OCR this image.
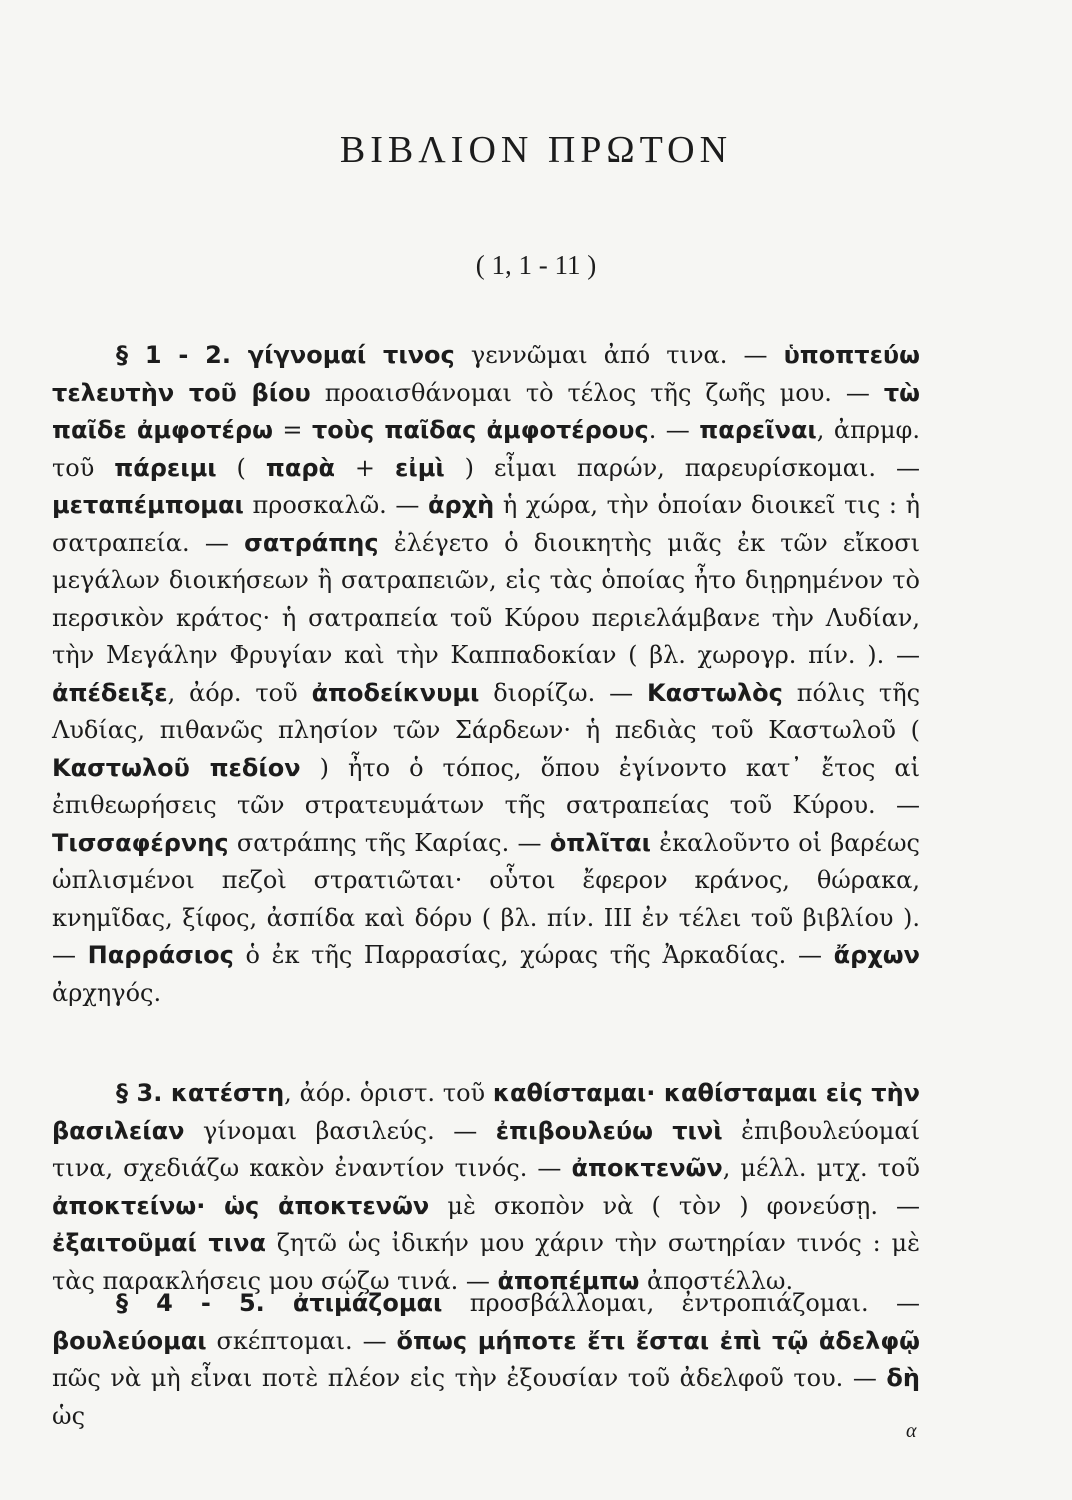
ΒΙΒΛΙΟΝ ΠΡΩΤΟΝ
( 1, 1 - 11 )

§ 1 - 2. γίγνομαί τινος γεννῶμαι ἀπό τινα. — ὑποπτεύω τελευτὴν τοῦ βίου προαισθάνομαι τὸ τέλος τῆς ζωῆς μου. — τὼ παῖδε ἀμφοτέρω = τοὺς παῖδας ἀμφοτέρους. — παρεῖναι, ἀπρμφ. τοῦ πάρειμι ( παρὰ + εἰμὶ ) εἶμαι παρών, παρευρίσκομαι. — μεταπέμπομαι προσκαλῶ. — ἀρχὴ ἡ χώρα, τὴν ὁποίαν διοικεῖ τις : ἡ σατραπεία. — σατράπης ἐλέγετο ὁ διοικητὴς μιᾶς ἐκ τῶν εἴκοσι μεγάλων διοικήσεων ἢ σατραπειῶν, εἰς τὰς ὁποίας ἦτο διῃρημένον τὸ περσικὸν κράτος· ἡ σατραπεία τοῦ Κύρου περιελάμβανε τὴν Λυδίαν, τὴν Μεγάλην Φρυγίαν καὶ τὴν Καππαδοκίαν ( βλ. χωρογρ. πίν. ). — ἀπέδειξε, ἀόρ. τοῦ ἀποδείκνυμι διορίζω. — Καστωλὸς πόλις τῆς Λυδίας, πιθανῶς πλησίον τῶν Σάρδεων· ἡ πεδιὰς τοῦ Καστωλοῦ ( Καστωλοῦ πεδίον ) ἦτο ὁ τόπος, ὅπου ἐγίνοντο κατ᾽ ἔτος αἱ ἐπιθεωρήσεις τῶν στρατευμάτων τῆς σατραπείας τοῦ Κύρου. — Τισσαφέρνης σατράπης τῆς Καρίας. — ὁπλῖται ἐκαλοῦντο οἱ βαρέως ὡπλισμένοι πεζοὶ στρατιῶται· οὗτοι ἔφερον κράνος, θώρακα, κνημῖδας, ξίφος, ἀσπίδα καὶ δόρυ ( βλ. πίν. III ἐν τέλει τοῦ βιβλίου ). — Παρράσιος ὁ ἐκ τῆς Παρρασίας, χώρας τῆς Ἀρκαδίας. — ἄρχων ἀρχηγός.

§ 3. κατέστη, ἀόρ. ὁριστ. τοῦ καθίσταμαι· καθίσταμαι εἰς τὴν βασιλείαν γίνομαι βασιλεύς. — ἐπιβουλεύω τινὶ ἐπιβουλεύομαί τινα, σχεδιάζω κακὸν ἐναντίον τινός. — ἀποκτενῶν, μέλλ. μτχ. τοῦ ἀποκτείνω· ὡς ἀποκτενῶν μὲ σκοπὸν νὰ ( τὸν ) φονεύσῃ. — ἐξαιτοῦμαί τινα ζητῶ ὡς ἰδικήν μου χάριν τὴν σωτηρίαν τινός : μὲ τὰς παρακλήσεις μου σῴζω τινά. — ἀποπέμπω ἀποστέλλω.

§ 4 - 5. ἀτιμάζομαι προσβάλλομαι, ἐντροπιάζομαι. — βουλεύομαι σκέπτομαι. — ὅπως μήποτε ἔτι ἔσται ἐπὶ τῷ ἀδελφῷ πῶς νὰ μὴ εἶναι ποτὲ πλέον εἰς τὴν ἐξουσίαν τοῦ ἀδελφοῦ του. — δὴ ὡς

α
